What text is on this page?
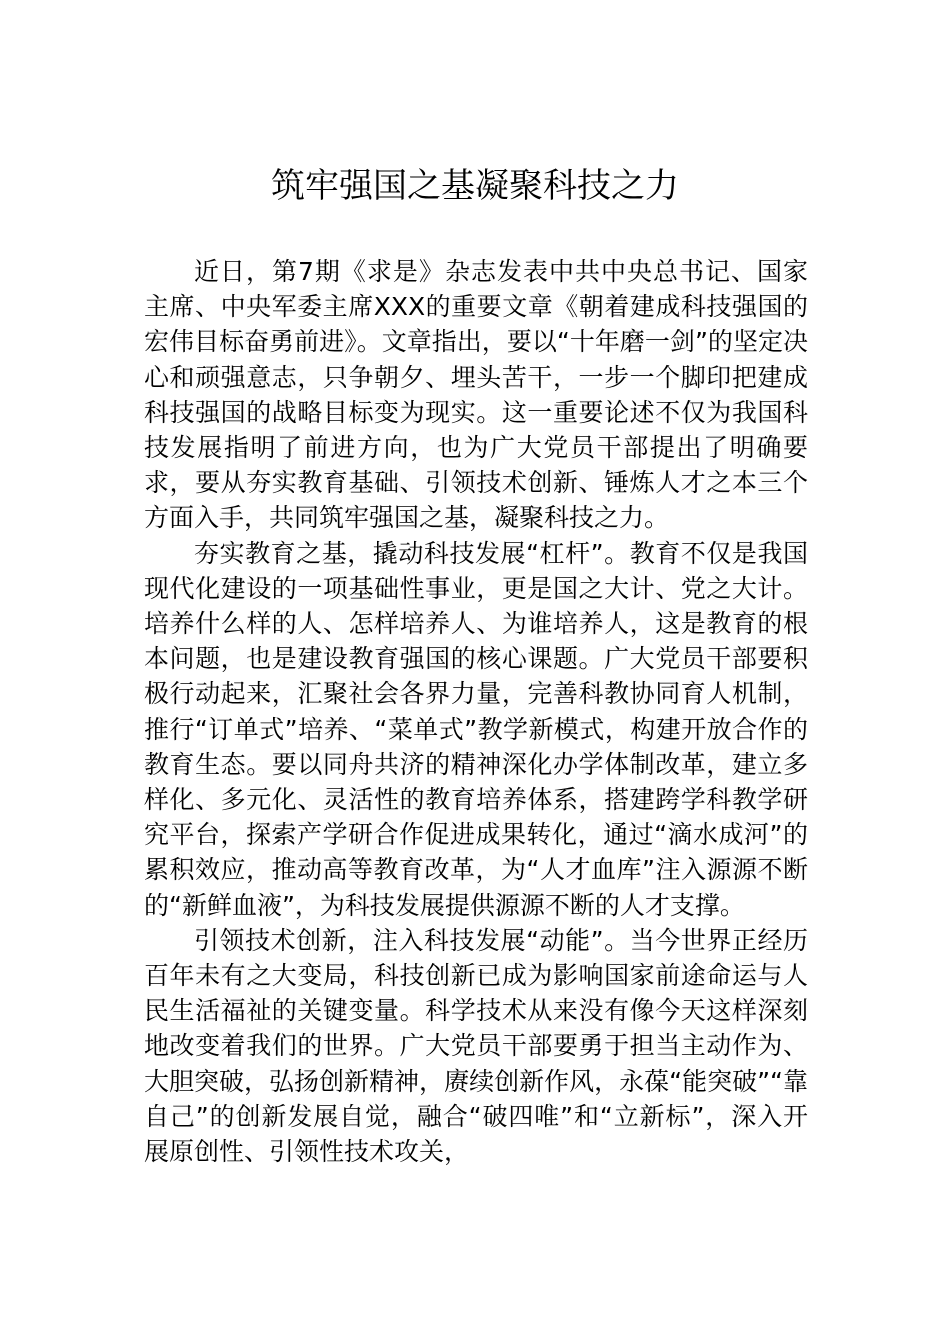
筑牢强国之基凝聚科技之力

近日，第7期《求是》杂志发表中共中央总书记、国家主席、中央军委主席XXX的重要文章《朝着建成科技强国的宏伟目标奋勇前进》。文章指出，要以“十年磨一剑”的坚定决心和顽强意志，只争朝夕、埋头苦干，一步一个脚印把建成科技强国的战略目标变为现实。这一重要论述不仅为我国科技发展指明了前进方向，也为广大党员干部提出了明确要求，要从夯实教育基础、引领技术创新、锤炼人才之本三个方面入手，共同筑牢强国之基，凝聚科技之力。

夯实教育之基，撬动科技发展“杠杆”。教育不仅是我国现代化建设的一项基础性事业，更是国之大计、党之大计。培养什么样的人、怎样培养人、为谁培养人，这是教育的根本问题，也是建设教育强国的核心课题。广大党员干部要积极行动起来，汇聚社会各界力量，完善科教协同育人机制，推行“订单式”培养、“菜单式”教学新模式，构建开放合作的教育生态。要以同舟共济的精神深化办学体制改革，建立多样化、多元化、灵活性的教育培养体系，搭建跨学科教学研究平台，探索产学研合作促进成果转化，通过“滴水成河”的累积效应，推动高等教育改革，为“人才血库”注入源源不断的“新鲜血液”，为科技发展提供源源不断的人才支撑。

引领技术创新，注入科技发展“动能”。当今世界正经历百年未有之大变局，科技创新已成为影响国家前途命运与人民生活福祉的关键变量。科学技术从来没有像今天这样深刻地改变着我们的世界。广大党员干部要勇于担当主动作为、大胆突破，弘扬创新精神，赓续创新作风，永葆“能突破”“靠自己”的创新发展自觉，融合“破四唯”和“立新标”，深入开展原创性、引领性技术攻关，
